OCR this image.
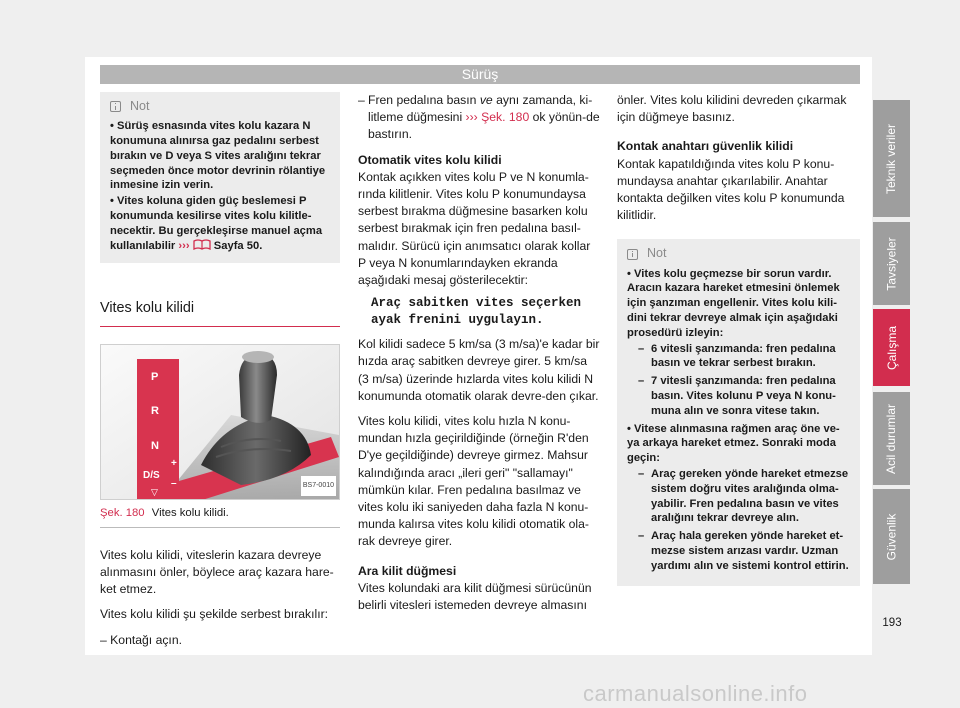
Sürüş
Not

• Sürüş esnasında vites kolu kazara N konumuna alınırsa gaz pedalını serbest bırakın ve D veya S vites aralığını tekrar seçmeden önce motor devrinin rölantiye inmesine izin verin.

• Vites koluna giden güç beslemesi P konumunda kesilirse vites kolu kilitle-necektir. Bu gerçekleşirse manuel açma kullanılabilir ››› Sayfa 50.

Vites kolu kilidi
P
R
N
D/S
+
–
▽
BS7-0010
Şek. 180 Vites kolu kilidi.

Vites kolu kilidi, viteslerin kazara devreye alınmasını önler, böylece araç kazara hare-ket etmez.

Vites kolu kilidi şu şekilde serbest bırakılır:

– Kontağı açın.

– Fren pedalına basın ve aynı zamanda, ki-litleme düğmesini ››› Şek. 180 ok yönün-de bastırın.

Otomatik vites kolu kilidi

Kontak açıkken vites kolu P ve N konumla-rında kilitlenir. Vites kolu P konumundaysa serbest bırakma düğmesine basarken kolu serbest bırakmak için fren pedalına basıl-malıdır. Sürücü için anımsatıcı olarak kollar P veya N konumlarındayken ekranda aşağıdaki mesaj gösterilecektir:

Araç sabitken vites seçerken
ayak frenini uygulayın.

Kol kilidi sadece 5 km/sa (3 m/sa)'e kadar bir hızda araç sabitken devreye girer. 5 km/sa (3 m/sa) üzerinde hızlarda vites kolu kilidi N konumunda otomatik olarak devre-den çıkar.

Vites kolu kilidi, vites kolu hızla N konu-mundan hızla geçirildiğinde (örneğin R'den D'ye geçildiğinde) devreye girmez. Mahsur kalındığında aracı „ileri geri" "sallamayı" mümkün kılar. Fren pedalına basılmaz ve vites kolu iki saniyeden daha fazla N konu-munda kalırsa vites kolu kilidi otomatik ola-rak devreye girer.

Ara kilit düğmesi

Vites kolundaki ara kilit düğmesi sürücünün belirli vitesleri istemeden devreye almasını

önler. Vites kolu kilidini devreden çıkarmak için düğmeye basınız.

Kontak anahtarı güvenlik kilidi

Kontak kapatıldığında vites kolu P konu-mundaysa anahtar çıkarılabilir. Anahtar kontakta değilken vites kolu P konumunda kilitlidir.

Not

• Vites kolu geçmezse bir sorun vardır. Aracın kazara hareket etmesini önlemek için şanzıman engellenir. Vites kolu kili-dini tekrar devreye almak için aşağıdaki prosedürü izleyin:

– 6 vitesli şanzımanda: fren pedalına basın ve tekrar serbest bırakın.

– 7 vitesli şanzımanda: fren pedalına basın. Vites kolunu P veya N konu-muna alın ve sonra vitese takın.

• Vitese alınmasına rağmen araç öne ve-ya arkaya hareket etmez. Sonraki moda geçin:

– Araç gereken yönde hareket etmezse sistem doğru vites aralığında olma-yabilir. Fren pedalına basın ve vites aralığını tekrar devreye alın.

– Araç hala gereken yönde hareket et-mezse sistem arızası vardır. Uzman yardımı alın ve sistemi kontrol ettirin.

Teknik veriler
Tavsiyeler
Çalışma
Acil durumlar
Güvenlik
193
carmanualsonline.info
